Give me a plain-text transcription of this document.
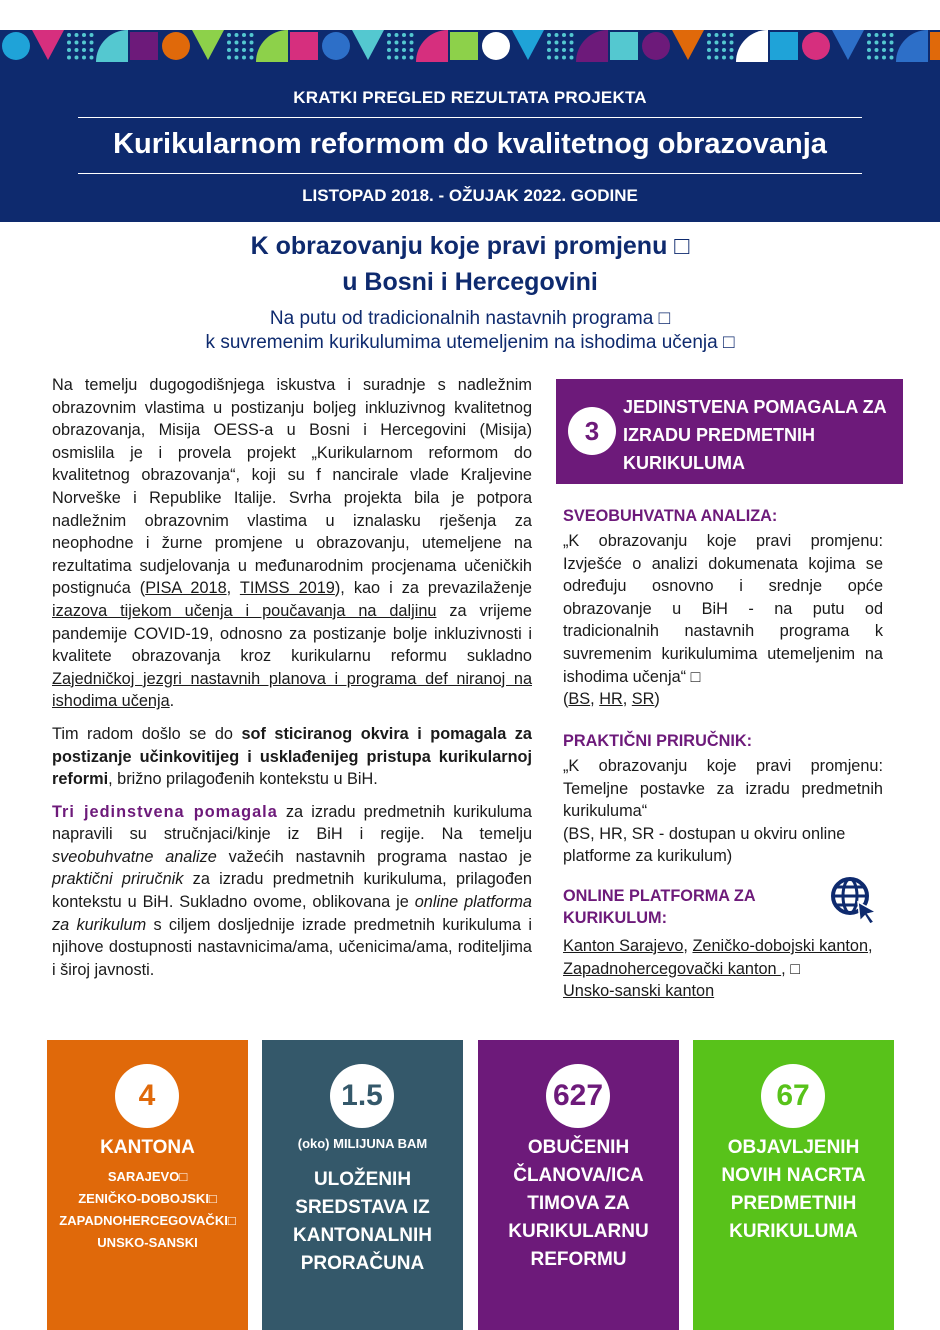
KRATKI PREGLED REZULTATA PROJEKTA
Kurikularnom reformom do kvalitetnog obrazovanja
LISTOPAD 2018. - OŽUJAK 2022. GODINE
K obrazovanju koje pravi promjenu □
u Bosni i Hercegovini
Na putu od tradicionalnih nastavnih programa □
k suvremenim kurikulumima utemeljenim na ishodima učenja □

Na temelju dugogodišnjega iskustva i suradnje s nadležnim obrazovnim vlastima u postizanju boljeg inkluzivnog kvalitetnog obrazovanja, Misija OESS-a u Bosni i Hercegovini (Misija) osmislila je i provela projekt „Kurikularnom reformom do kvalitetnog obrazovanja“, koji su f nancirale vlade Kraljevine Norveške i Republike Italije. Svrha projekta bila je potpora nadležnim obrazovnim vlastima u iznalasku rješenja za neophodne i žurne promjene u obrazovanju, utemeljene na rezultatima sudjelovanja u međunarodnim procjenama učeničkih postignuća (PISA 2018, TIMSS 2019), kao i za prevazilaženje izazova tijekom učenja i poučavanja na daljinu za vrijeme pandemije COVID-19, odnosno za postizanje bolje inkluzivnosti i kvalitete obrazovanja kroz kurikularnu reformu sukladno Zajedničkoj jezgri nastavnih planova i programa def niranoj na ishodima učenja.

Tim radom došlo se do sof sticiranog okvira i pomagala za postizanje učinkovitijeg i usklađenijeg pristupa kurikularnoj reformi, brižno prilagođenih kontekstu u BiH.

Tri jedinstvena pomagala za izradu predmetnih kurikuluma napravili su stručnjaci/kinje iz BiH i regije. Na temelju sveobuhvatne analize važećih nastavnih programa nastao je praktični priručnik za izradu predmetnih kurikuluma, prilagođen kontekstu u BiH. Sukladno ovome, oblikovana je online platforma za kurikulum s ciljem dosljednije izrade predmetnih kurikuluma i njihove dostupnosti nastavnicima/ama, učenicima/ama, roditeljima i široj javnosti.

3
JEDINSTVENA POMAGALA ZA IZRADU PREDMETNIH KURIKULUMA
SVEOBUHVATNA ANALIZA:

„K obrazovanju koje pravi promjenu: Izvješće o analizi dokumenata kojima se određuju osnovno i srednje opće obrazovanje u BiH - na putu od tradicionalnih nastavnih programa k suvremenim kurikulumima utemeljenim na ishodima učenja“ □

(BS, HR, SR)

PRAKTIČNI PRIRUČNIK:

„K obrazovanju koje pravi promjenu: Temeljne postavke za izradu predmetnih kurikuluma“

(BS, HR, SR - dostupan u okviru online platforme za kurikulum)

ONLINE PLATFORMA ZA KURIKULUM:

Kanton Sarajevo, Zeničko-dobojski kanton, Zapadnohercegovački kanton , □
Unsko-sanski kanton

4
KANTONA
SARAJEVO□
ZENIČKO-DOBOJSKI□
ZAPADNOHERCEGOVAČKI□
UNSKO-SANSKI
1.5
(oko) MILIJUNA BAM
ULOŽENIH
SREDSTAVA IZ
KANTONALNIH
PRORAČUNA
627
OBUČENIH
ČLANOVA/ICA
TIMOVA ZA
KURIKULARNU
REFORMU
67
OBJAVLJENIH
NOVIH NACRTA
PREDMETNIH
KURIKULUMA
